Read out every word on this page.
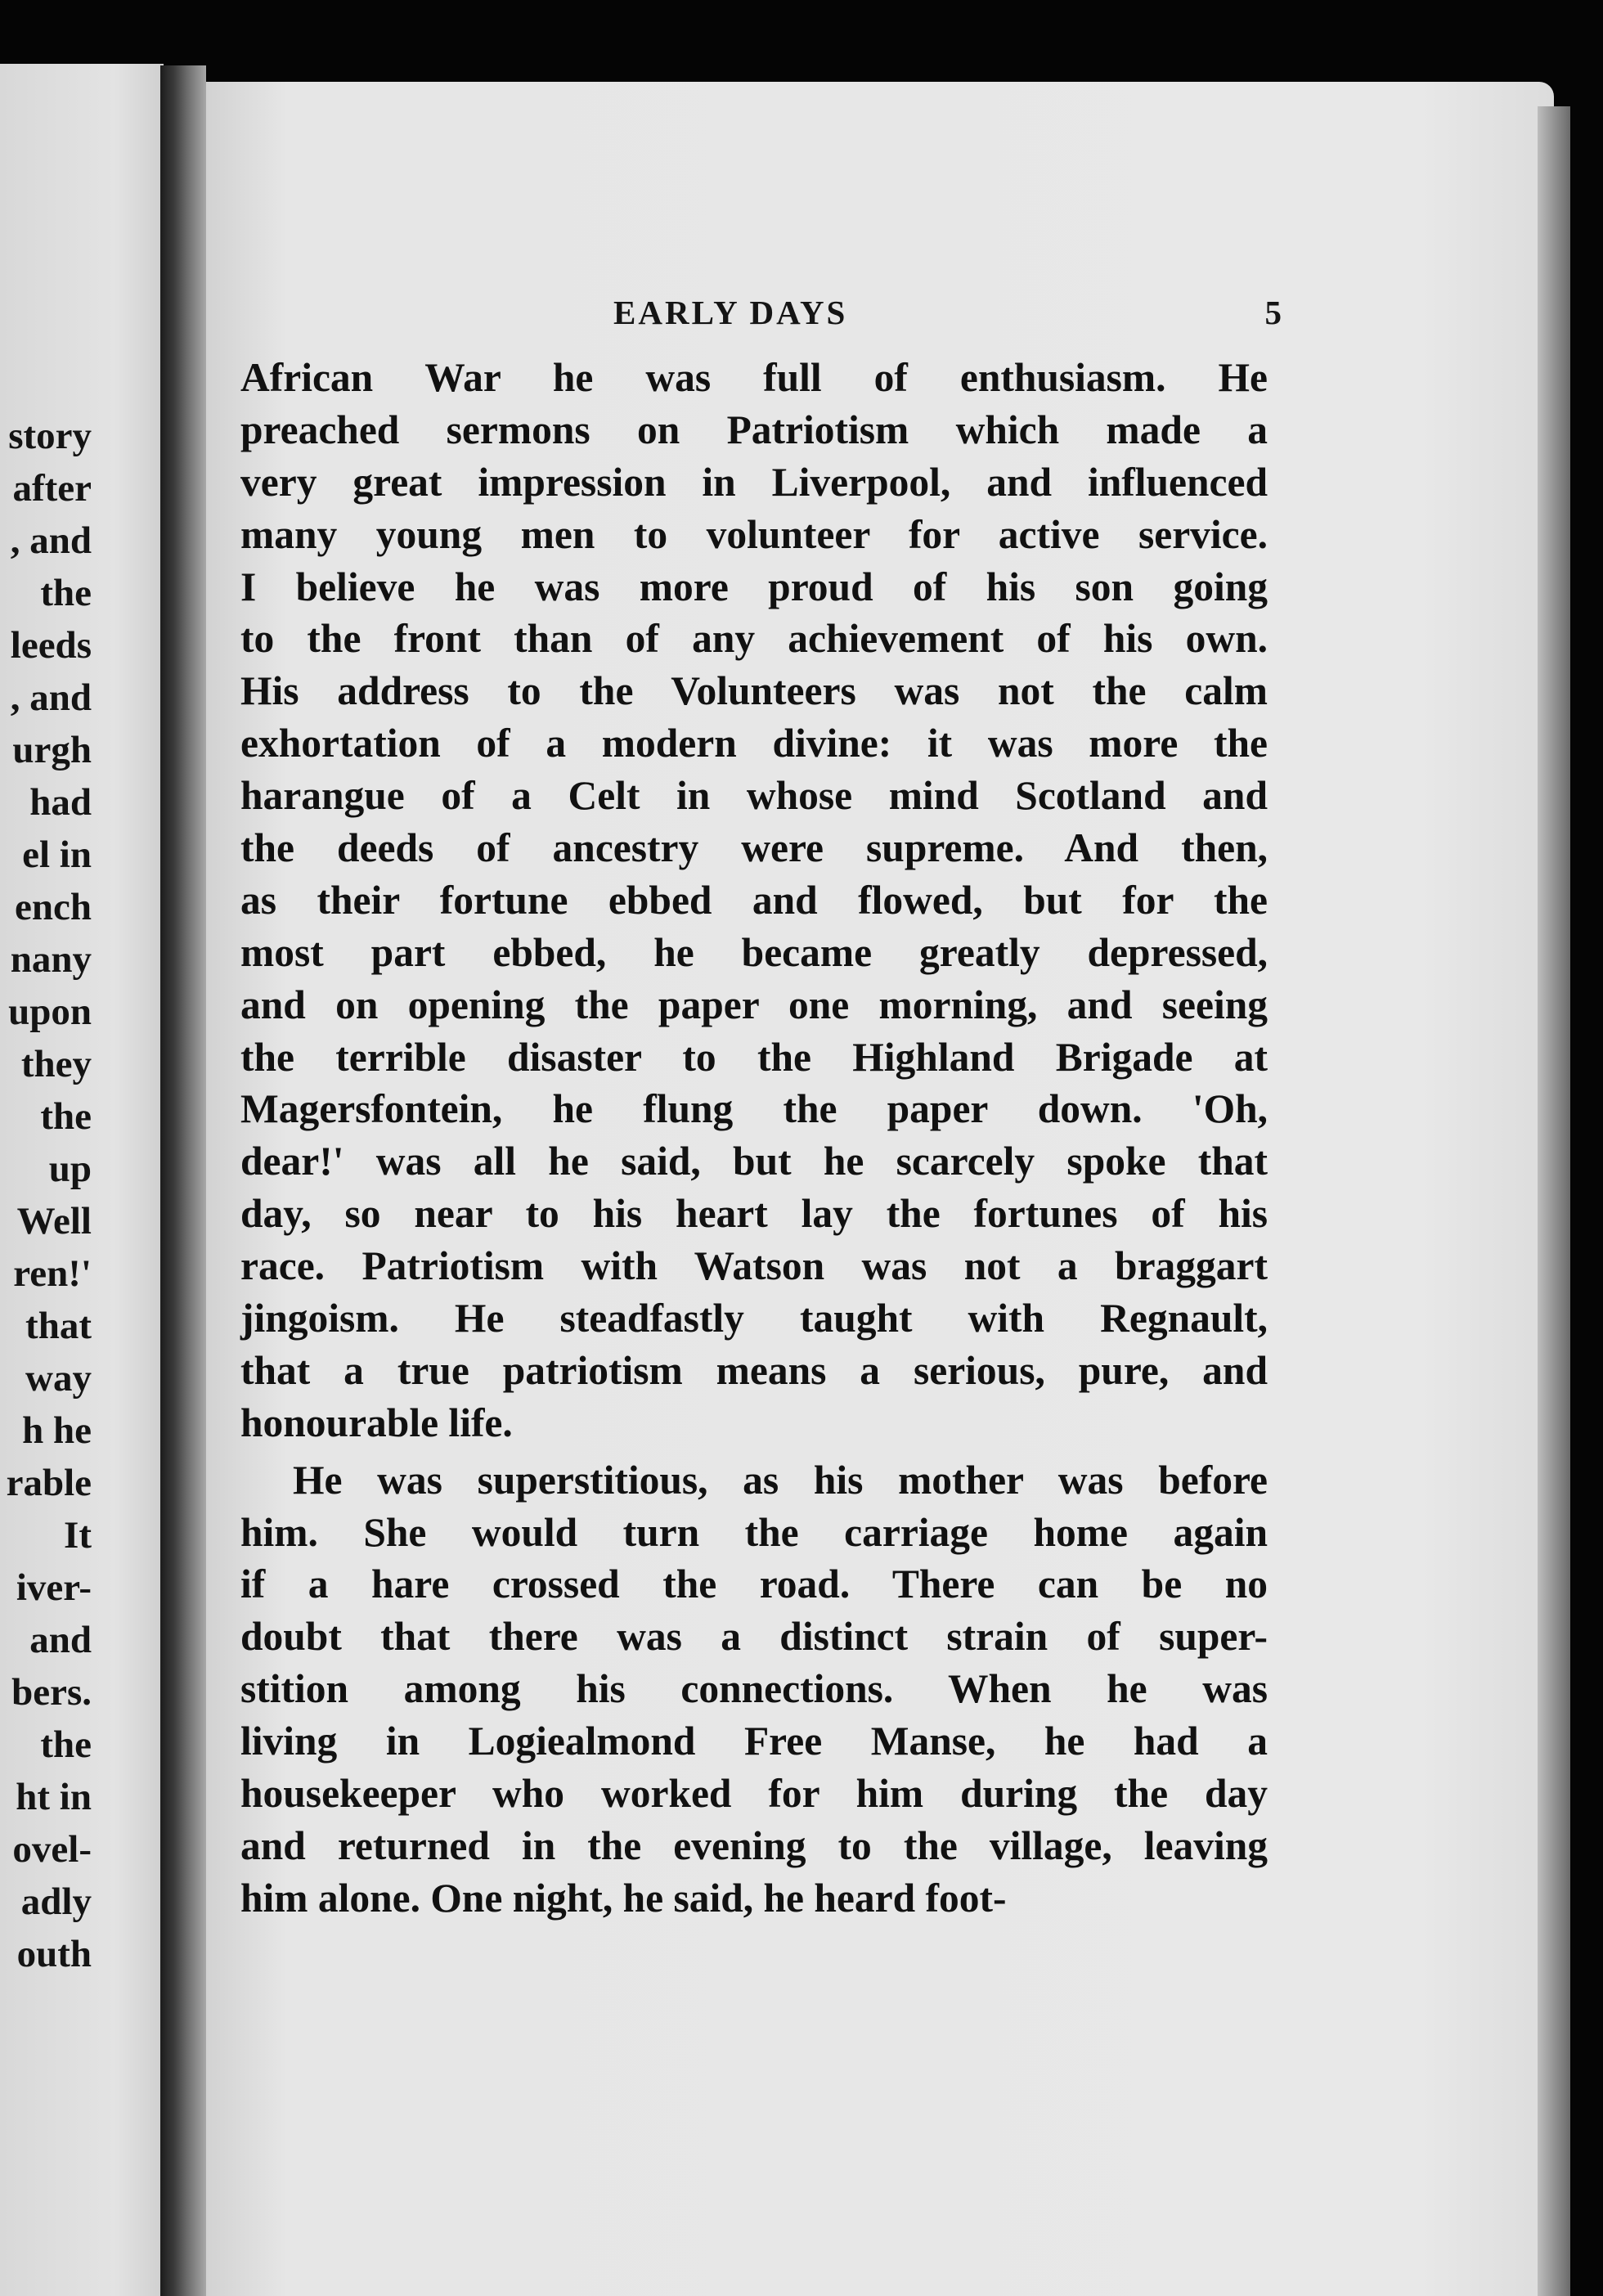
story
after
, and
the
leeds
, and
urgh
had
el in
ench
nany
upon
they
the
up
Well
ren!'
that
way
h he
rable
It
iver-
and
bers.
the
ht in
ovel-
adly
outh
EARLY DAYS	5
African War he was full of enthusiasm. He
preached sermons on Patriotism which made a
very great impression in Liverpool, and influenced
many young men to volunteer for active service.
I believe he was more proud of his son going
to the front than of any achievement of his own.
His address to the Volunteers was not the calm
exhortation of a modern divine: it was more the
harangue of a Celt in whose mind Scotland and
the deeds of ancestry were supreme. And then,
as their fortune ebbed and flowed, but for the
most part ebbed, he became greatly depressed,
and on opening the paper one morning, and seeing
the terrible disaster to the Highland Brigade at
Magersfontein, he flung the paper down. 'Oh,
dear!' was all he said, but he scarcely spoke that
day, so near to his heart lay the fortunes of his
race. Patriotism with Watson was not a braggart
jingoism. He steadfastly taught with Regnault,
that a true patriotism means a serious, pure, and
honourable life.
He was superstitious, as his mother was before
him. She would turn the carriage home again
if a hare crossed the road. There can be no
doubt that there was a distinct strain of super-
stition among his connections. When he was
living in Logiealmond Free Manse, he had a
housekeeper who worked for him during the day
and returned in the evening to the village, leaving
him alone. One night, he said, he heard foot-
